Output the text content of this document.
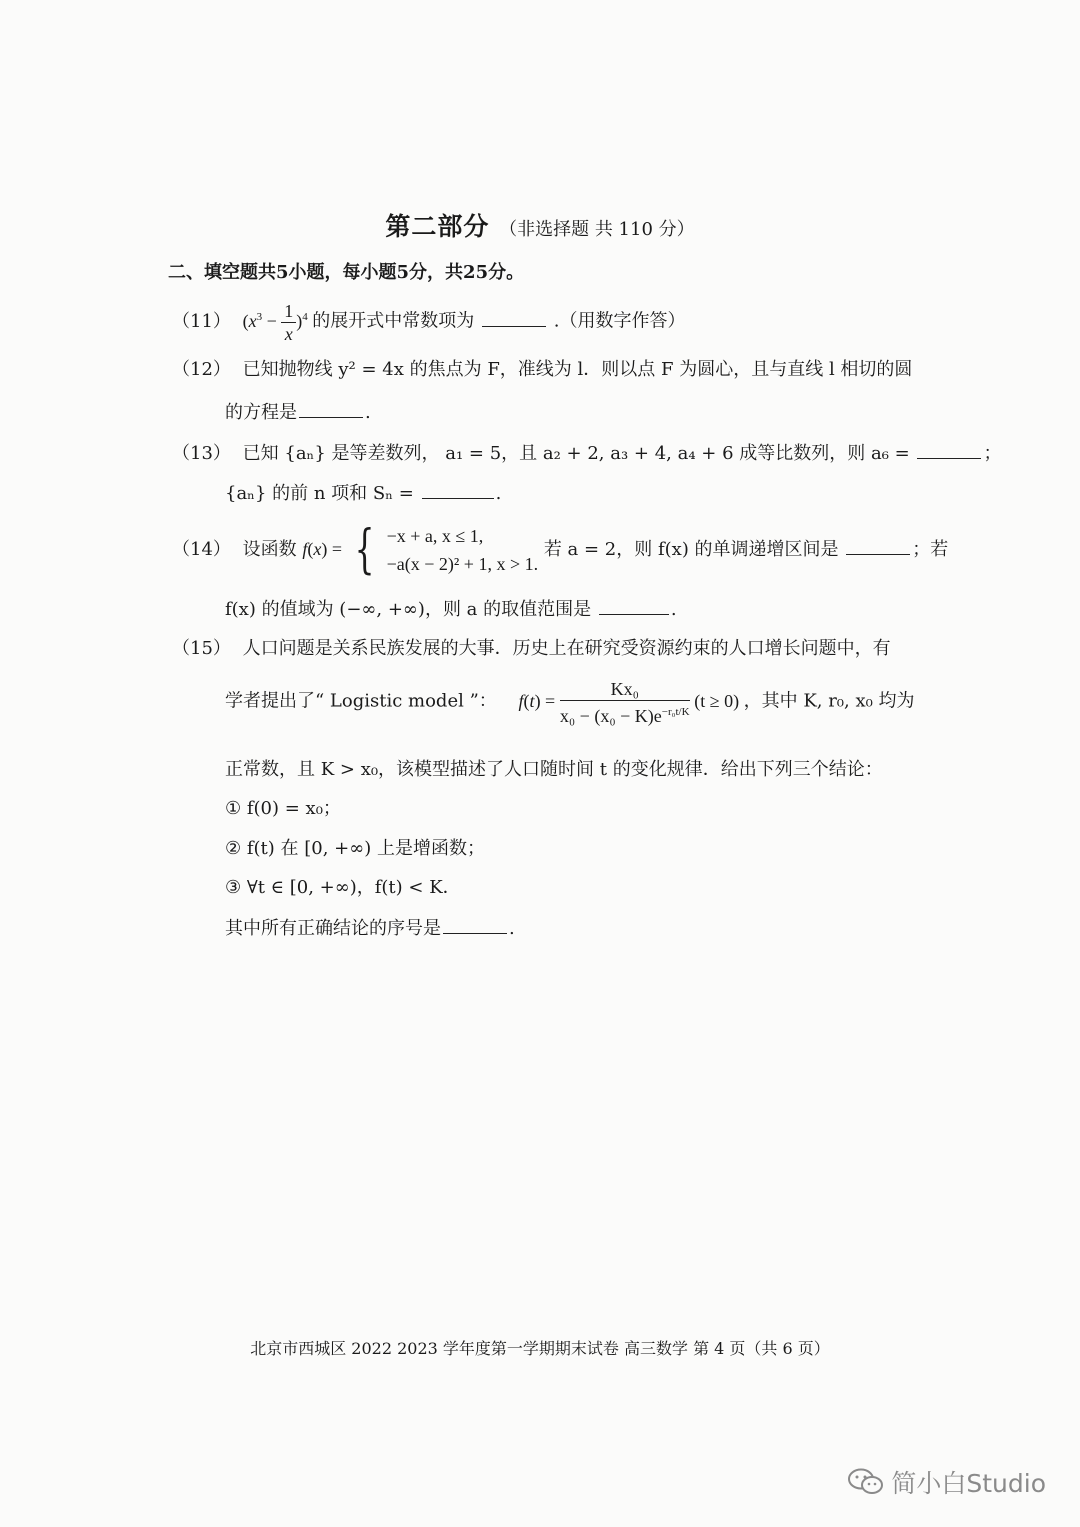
第二部分 （非选择题 共 110 分）
二、填空题共5小题，每小题5分，共25分。
（11） $(x^3 - \frac{1}{x} )^4$ 的展开式中常数项为	.（用数字作答）
（12） 已知抛物线 y² = 4x 的焦点为 F，准线为 l．则以点 F 为圆心，且与直线 l 相切的圆
的方程是	.
（13） 已知 {aₙ} 是等差数列， a₁ = 5，且 a₂ + 2, a₃ + 4, a₄ + 6 成等比数列，则 a₆ =	；
{aₙ} 的前 n 项和 Sₙ =	.
（14） 设函数 f(x) = { −x + a, x ≤ 1,
−a(x − 2)² + 1, x > 1.
若 a = 2，则 f(x) 的单调递增区间是	；若
f(x) 的值域为 (−∞, +∞)，则 a 的取值范围是	.
（15） 人口问题是关系民族发展的大事．历史上在研究受资源约束的人口增长问题中，有
学者提出了“ Logistic model ”： $f(t) = \frac{\text{Kx₀}}{x_0 - (x_0 - K)e^{-r_0t/K}} (t \ge 0)$ ，其中 K, r₀, x₀ 均为
正常数，且 K > x₀，该模型描述了人口随时间 t 的变化规律．给出下列三个结论：
① f(0) = x₀；
② f(t) 在 [0, +∞) 上是增函数；
③ ∀t ∈ [0, +∞)，f(t) < K．
其中所有正确结论的序号是	.
北京市西城区 2022 2023 学年度第一学期期末试卷 高三数学 第 4 页（共 6 页）
简小白Studio
